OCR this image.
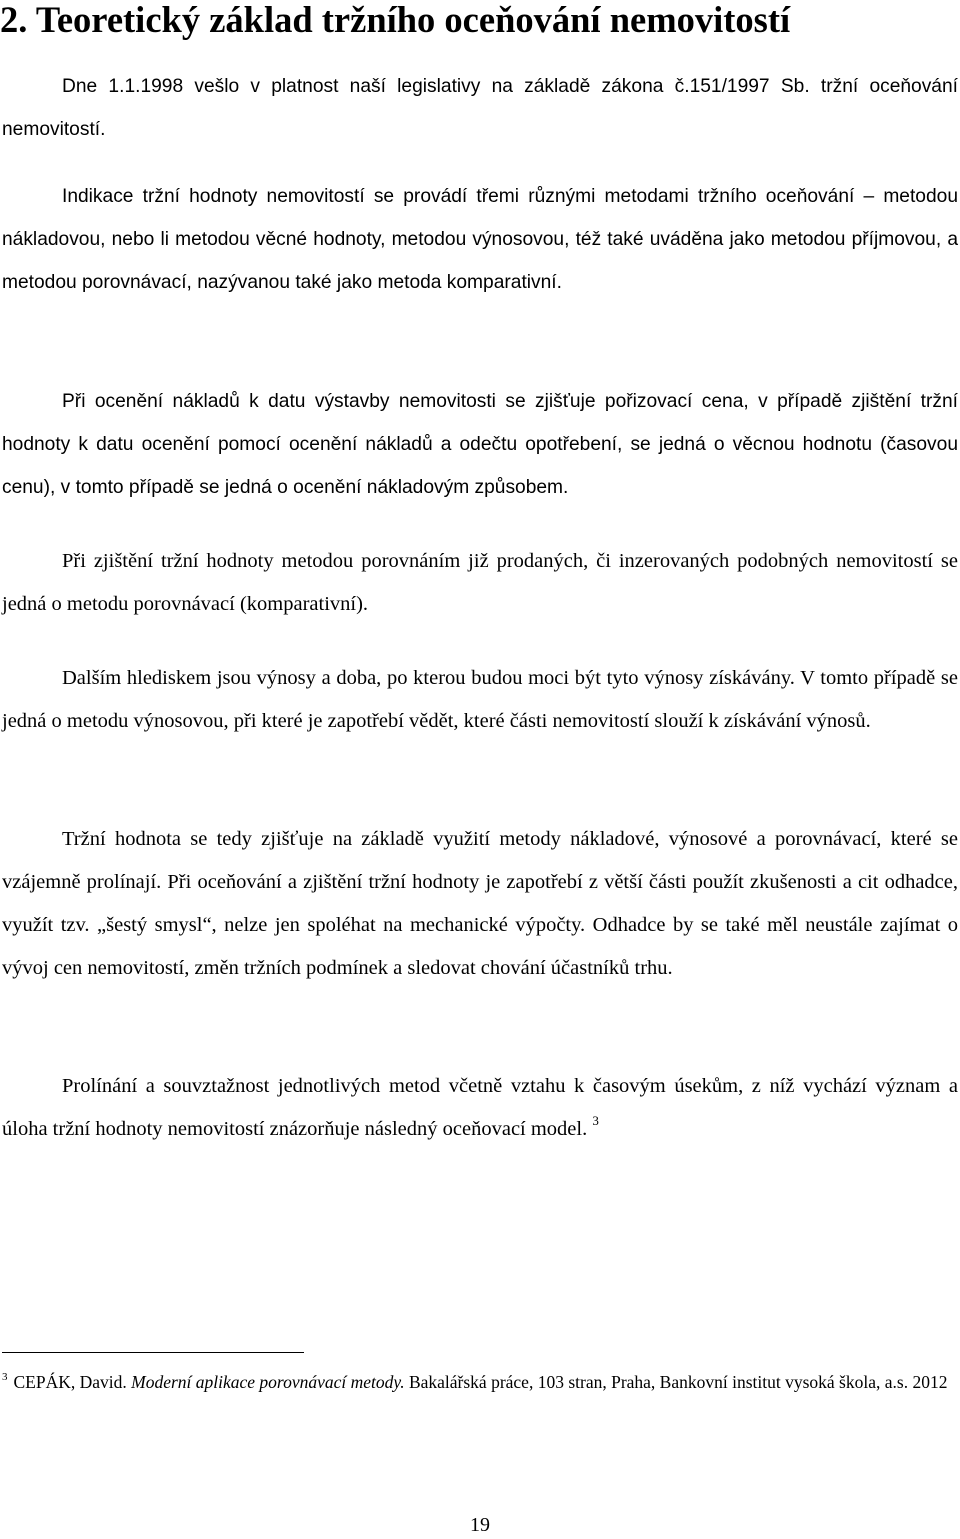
2. Teoretický základ tržního oceňování nemovitostí

Dne 1.1.1998 vešlo v platnost naší legislativy na základě zákona č.151/1997 Sb. tržní oceňování nemovitostí.

Indikace tržní hodnoty nemovitostí se provádí třemi různými metodami tržního oceňování – metodou nákladovou, nebo li metodou věcné hodnoty, metodou výnosovou, též také uváděna jako metodou příjmovou, a metodou porovnávací, nazývanou také jako metoda komparativní.

Při ocenění nákladů k datu výstavby nemovitosti se zjišťuje pořizovací cena, v případě zjištění tržní hodnoty k datu ocenění pomocí ocenění nákladů a odečtu opotřebení, se jedná o věcnou hodnotu (časovou cenu), v tomto případě se jedná o ocenění nákladovým způsobem.

Při zjištění tržní hodnoty metodou porovnáním již prodaných, či inzerovaných podobných nemovitostí se jedná o metodu porovnávací (komparativní).

Dalším hlediskem jsou výnosy a doba, po kterou budou moci být tyto výnosy získávány. V tomto případě se jedná o metodu výnosovou, při které je zapotřebí vědět, které části nemovitostí slouží k získávání výnosů.

Tržní hodnota se tedy zjišťuje na základě využití metody nákladové, výnosové a porovnávací, které se vzájemně prolínají. Při oceňování a zjištění tržní hodnoty je zapotřebí z větší části použít zkušenosti a cit odhadce, využít tzv. „šestý smysl“, nelze jen spoléhat na mechanické výpočty. Odhadce by se také měl neustále zajímat o vývoj cen nemovitostí, změn tržních podmínek a sledovat chování účastníků trhu.

Prolínání a souvztažnost jednotlivých metod včetně vztahu k časovým úsekům, z níž vychází význam a úloha tržní hodnoty nemovitostí znázorňuje následný oceňovací model. $^3$

$^3$ CEPÁK, David. Moderní aplikace porovnávací metody. Bakalářská práce, 103 stran, Praha, Bankovní institut vysoká škola, a.s. 2012

19
